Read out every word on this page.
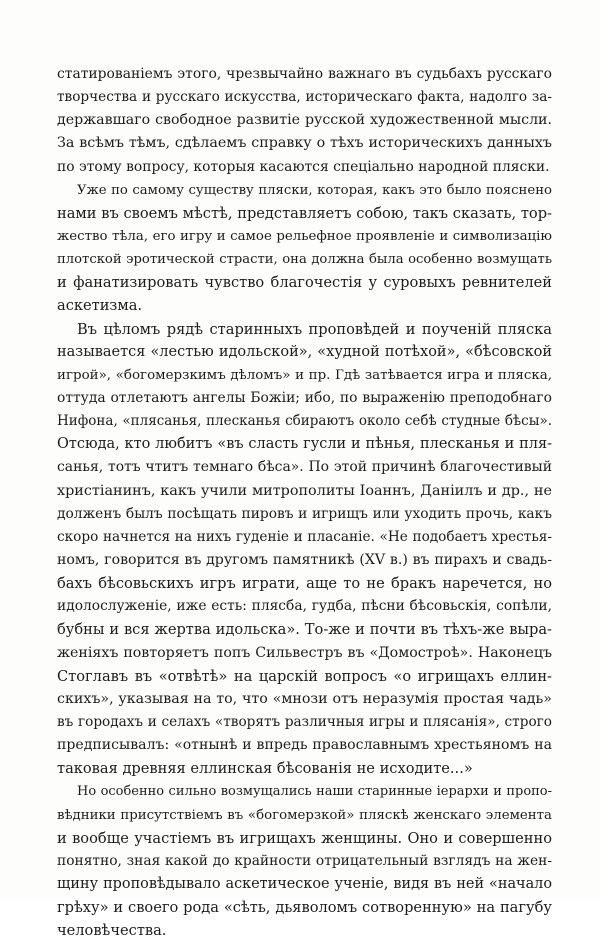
статированіемъ этого, чрезвычайно важнаго въ судьбахъ русскаго
творчества и русскаго искусства, историческаго факта, надолго за-
державшаго свободное развитіе русской художественной мысли.
За всѣмъ тѣмъ, сдѣлаемъ справку о тѣхъ историческихъ данныхъ
по этому вопросу, которыя касаются спеціально народной пляски.
Уже по самому существу пляски, которая, какъ это было пояснено
нами въ своемъ мѣстѣ, представляетъ собою, такъ сказать, тор-
жество тѣла, его игру и самое рельефное проявленіе и символизацію
плотской эротической страсти, она должна была особенно возмущать
и фанатизировать чувство благочестія у суровыхъ ревнителей
аскетизма.
Въ цѣломъ рядѣ старинныхъ проповѣдей и поученій пляска
называется «лестью идольской», «худной потѣхой», «бѣсовской
игрой», «богомерзкимъ дѣломъ» и пр. Гдѣ затѣвается игра и пляска,
оттуда отлетаютъ ангелы Божіи; ибо, по выраженію преподобнаго
Нифона, «плясанья, плесканья сбираютъ около себѣ студные бѣсы».
Отсюда, кто любитъ «въ сласть гусли и пѣнья, плесканья и пля-
санья, тотъ чтитъ темнаго бѣса». По этой причинѣ благочестивый
христіанинъ, какъ учили митрополиты Іоаннъ, Даніилъ и др., не
долженъ былъ посѣщать пировъ и игрищъ или уходить прочь, какъ
скоро начнется на нихъ гуденіе и пласаніе. «Не подобаетъ хрестья-
номъ, говорится въ другомъ памятникѣ (XV в.) въ пирахъ и свадь-
бахъ бѣсовьскихъ игръ играти, аще то не бракъ наречется, но
идолослуженіе, иже есть: плясба, гудба, пѣсни бѣсовьскія, сопѣли,
бубны и вся жертва идольска». То-же и почти въ тѣхъ-же выра-
женіяхъ повторяетъ попъ Сильвестръ въ «Домостроѣ». Наконецъ
Стоглавъ въ «отвѣтѣ» на царскій вопросъ «о игрищахъ еллин-
скихъ», указывая на то, что «мнози отъ неразумія простая чадь»
въ городахъ и селахъ «творятъ различныя игры и плясанія», строго
предписывалъ: «отнынѣ и впредь православнымъ хрестьяномъ на
таковая древняя еллинская бѣсованія не исходите...»
Но особенно сильно возмущались наши старинные іерархи и пропо-
вѣдники присутствіемъ въ «богомерзкой» пляскѣ женскаго элемента
и вообще участіемъ въ игрищахъ женщины. Оно и совершенно
понятно, зная какой до крайности отрицательный взглядъ на жен-
щину проповѣдывало аскетическое ученіе, видя въ ней «начало
грѣху» и своего рода «сѣть, дьяволомъ сотворенную» на пагубу
человѣчества.
